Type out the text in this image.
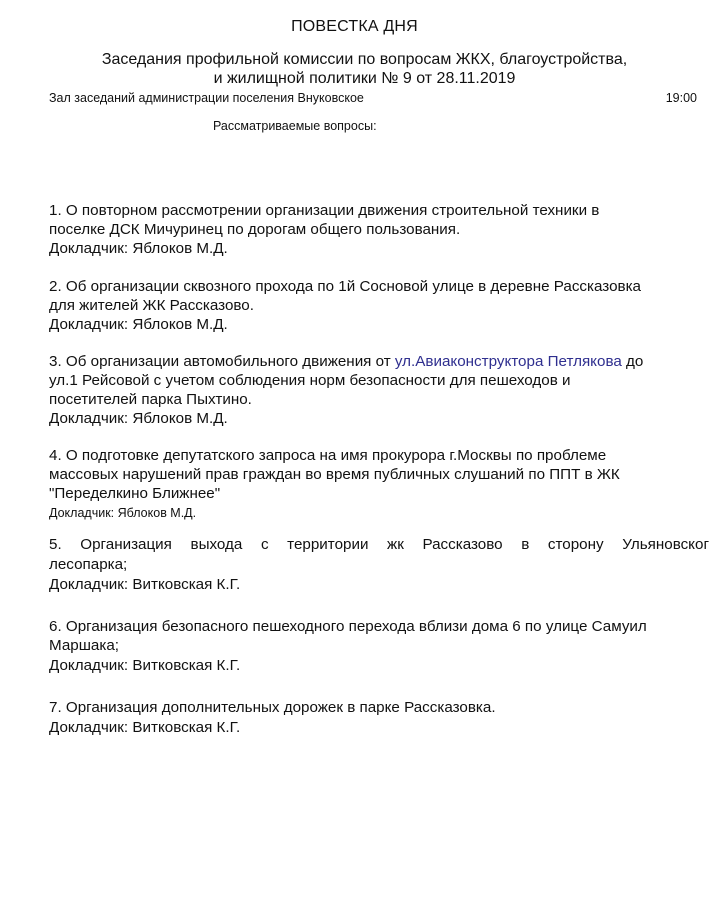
ПОВЕСТКА ДНЯ
Заседания профильной комиссии по вопросам ЖКХ, благоустройства,
и жилищной политики № 9 от 28.11.2019
Зал заседаний администрации поселения Внуковское	19:00
Рассматриваемые вопросы:
1. О повторном рассмотрении организации движения строительной техники в
поселке ДСК Мичуринец по дорогам общего пользования.
Докладчик: Яблоков М.Д.
2. Об организации сквозного прохода по 1й Сосновой улице в деревне Рассказовка
для жителей ЖК Рассказово.
Докладчик: Яблоков М.Д.
3. Об организации автомобильного движения от ул.Авиаконструктора Петлякова до
ул.1 Рейсовой с учетом соблюдения норм безопасности для пешеходов и
посетителей парка Пыхтино.
Докладчик: Яблоков М.Д.
4. О подготовке депутатского запроса на имя прокурора г.Москвы по проблеме
массовых нарушений прав граждан во время публичных слушаний по ППТ в ЖК
"Переделкино Ближнее"
Докладчик: Яблоков М.Д.
5. Организация выхода с территории жк Рассказово в сторону Ульяновског
лесопарка;
Докладчик: Витковская К.Г.
6. Организация безопасного пешеходного перехода вблизи дома 6 по улице Самуил
Маршака;
Докладчик: Витковская К.Г.
7. Организация дополнительных дорожек в парке Рассказовка.
Докладчик: Витковская К.Г.
